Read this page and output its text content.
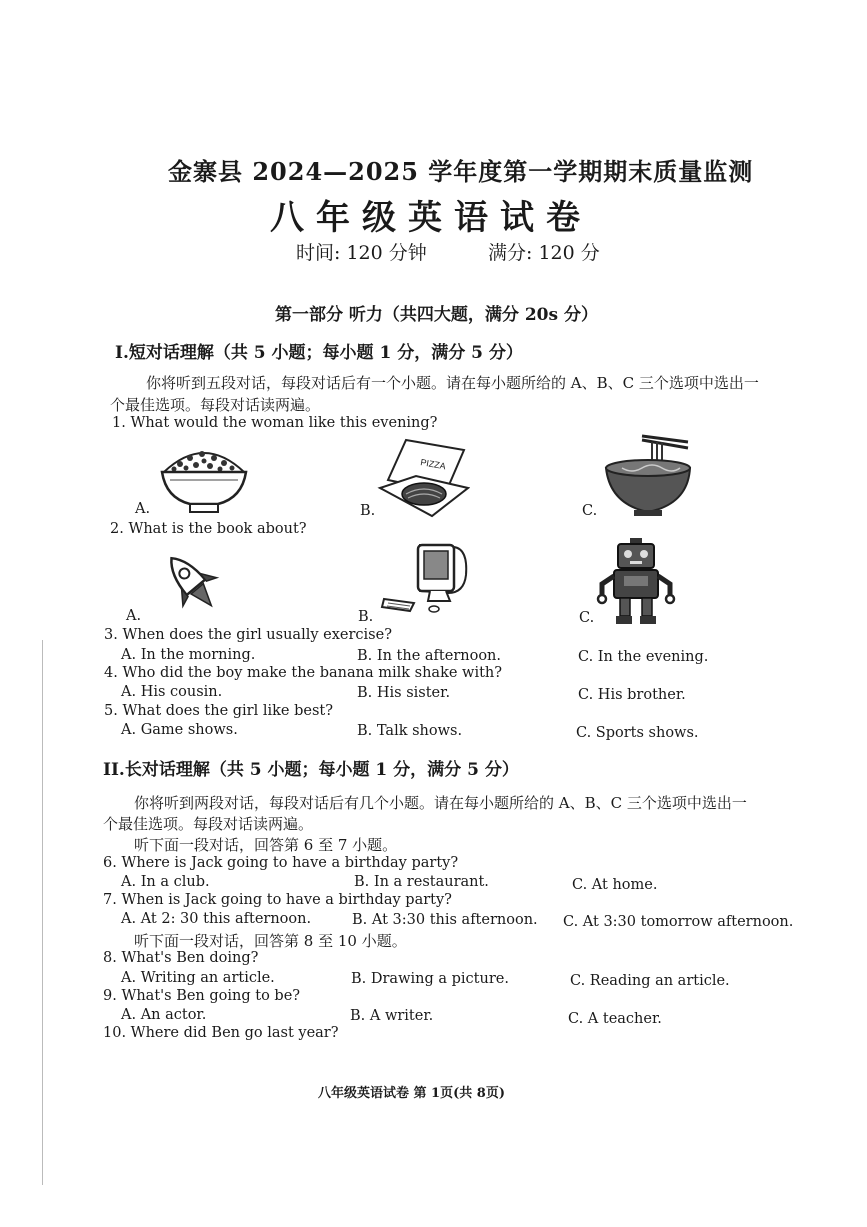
金寨县 2024—2025 学年度第一学期期末质量监测
八年级英语试卷
时间: 120 分钟	满分: 120 分
第一部分 听力（共四大题，满分 20s 分）
I.短对话理解（共 5 小题；每小题 1 分，满分 5 分）
你将听到五段对话，每段对话后有一个小题。请在每小题所给的 A、B、C 三个选项中选出一
个最佳选项。每段对话读两遍。
1. What would the woman like this evening?
A.
PIZZA
B.	C.
2. What is the book about?
A.	B.	C.
3. When does the girl usually exercise?
A. In the morning.	B. In the afternoon.	C. In the evening.
4. Who did the boy make the banana milk shake with?
A. His cousin.	B. His sister.	C. His brother.
5. What does the girl like best?
A. Game shows.	B. Talk shows.	C. Sports shows.
II.长对话理解（共 5 小题；每小题 1 分，满分 5 分）
你将听到两段对话，每段对话后有几个小题。请在每小题所给的 A、B、C 三个选项中选出一
个最佳选项。每段对话读两遍。
听下面一段对话，回答第 6 至 7 小题。
6. Where is Jack going to have a birthday party?
A. In a club.	B. In a restaurant.	C. At home.
7. When is Jack going to have a birthday party?
A. At 2: 30 this afternoon.	B. At 3:30 this afternoon. C. At 3:30 tomorrow afternoon.
听下面一段对话，回答第 8 至 10 小题。
8. What's Ben doing?
A. Writing an article.	B. Drawing a picture.	C. Reading an article.
9. What's Ben going to be?
A. An actor.	B. A writer.	C. A teacher.
10. Where did Ben go last year?
八年级英语试卷 第 1页(共 8页)
